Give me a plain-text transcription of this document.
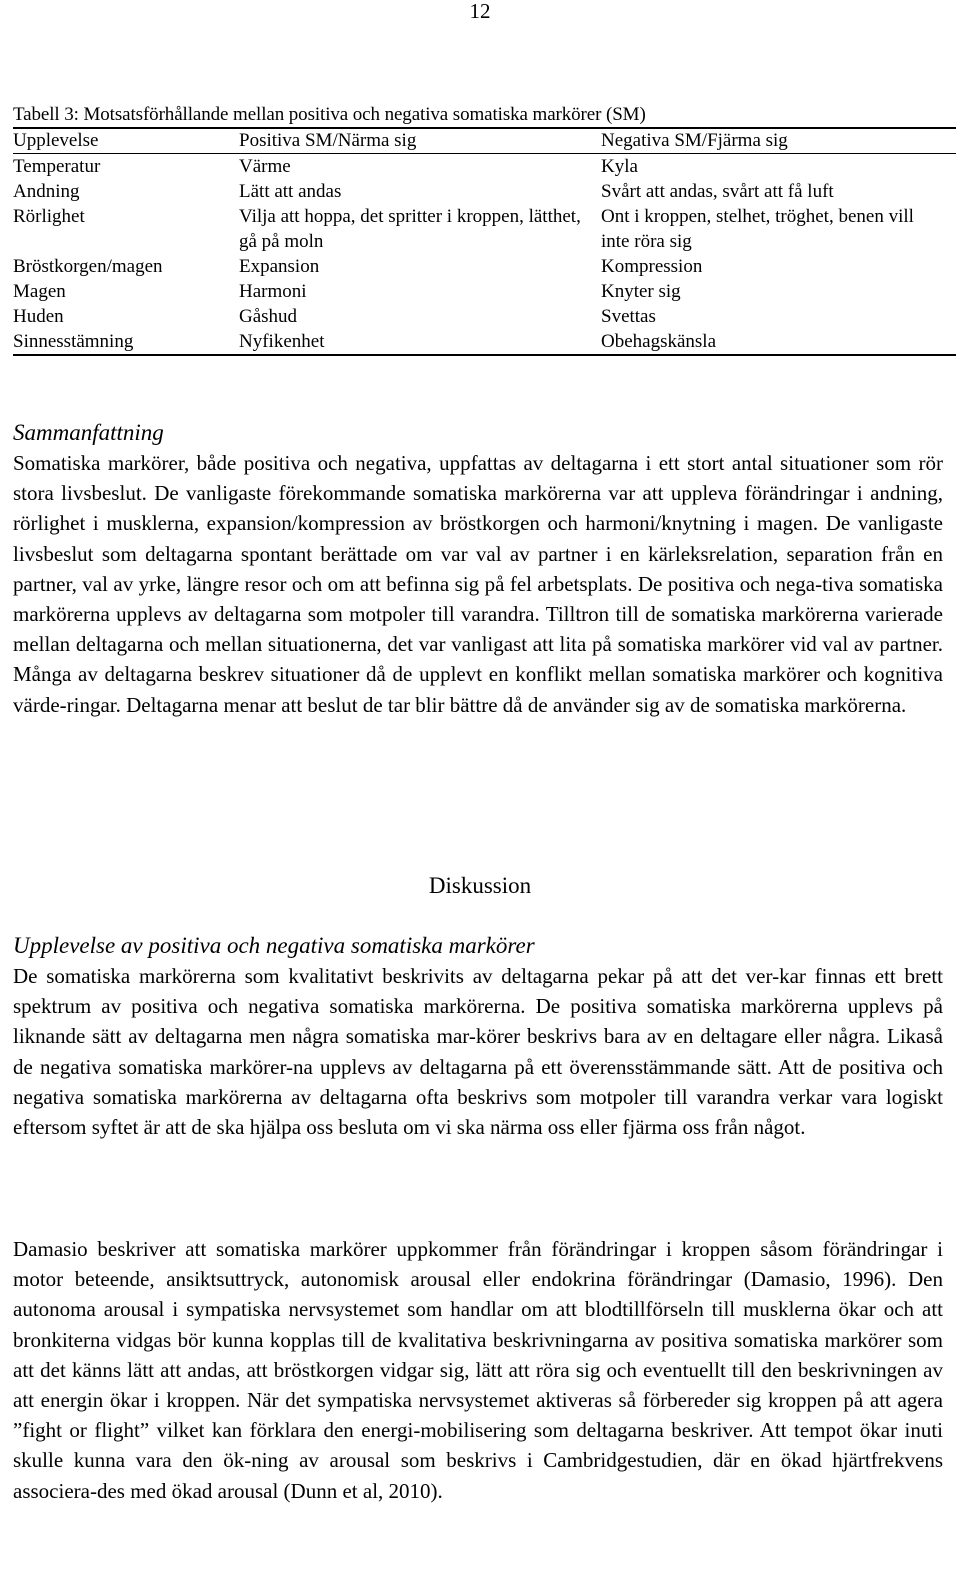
12

Tabell 3: Motsatsförhållande mellan positiva och negativa somatiska markörer (SM)

Upplevelse	Positiva SM/Närma sig	Negativa SM/Fjärma sig
Temperatur	Värme	Kyla
Andning	Lätt att andas	Svårt att andas, svårt att få luft
Rörlighet	Vilja att hoppa, det spritter i kroppen, lätthet, gå på moln	Ont i kroppen, stelhet, tröghet, benen vill inte röra sig
Bröstkorgen/magen	Expansion	Kompression
Magen	Harmoni	Knyter sig
Huden	Gåshud	Svettas
Sinnesstämning	Nyfikenhet	Obehagskänsla

Sammanfattning

Somatiska markörer, både positiva och negativa, uppfattas av deltagarna i ett stort antal situationer som rör stora livsbeslut. De vanligaste förekommande somatiska markörerna var att uppleva förändringar i andning, rörlighet i musklerna, expansion/kompression av bröstkorgen och harmoni/knytning i magen. De vanligaste livsbeslut som deltagarna spontant berättade om var val av partner i en kärleksrelation, separation från en partner, val av yrke, längre resor och om att befinna sig på fel arbetsplats. De positiva och nega-tiva somatiska markörerna upplevs av deltagarna som motpoler till varandra. Tilltron till de somatiska markörerna varierade mellan deltagarna och mellan situationerna, det var vanligast att lita på somatiska markörer vid val av partner. Många av deltagarna beskrev situationer då de upplevt en konflikt mellan somatiska markörer och kognitiva värde-ringar. Deltagarna menar att beslut de tar blir bättre då de använder sig av de somatiska markörerna.

Diskussion

Upplevelse av positiva och negativa somatiska markörer

De somatiska markörerna som kvalitativt beskrivits av deltagarna pekar på att det ver-kar finnas ett brett spektrum av positiva och negativa somatiska markörerna. De positiva somatiska markörerna upplevs på liknande sätt av deltagarna men några somatiska mar-körer beskrivs bara av en deltagare eller några. Likaså de negativa somatiska markörer-na upplevs av deltagarna på ett överensstämmande sätt. Att de positiva och negativa somatiska markörerna av deltagarna ofta beskrivs som motpoler till varandra verkar vara logiskt eftersom syftet är att de ska hjälpa oss besluta om vi ska närma oss eller fjärma oss från något.

Damasio beskriver att somatiska markörer uppkommer från förändringar i kroppen såsom förändringar i motor beteende, ansiktsuttryck, autonomisk arousal eller endokrina förändringar (Damasio, 1996). Den autonoma arousal i sympatiska nervsystemet som handlar om att blodtillförseln till musklerna ökar och att bronkiterna vidgas bör kunna kopplas till de kvalitativa beskrivningarna av positiva somatiska markörer som att det känns lätt att andas, att bröstkorgen vidgar sig, lätt att röra sig och eventuellt till den beskrivningen av att energin ökar i kroppen. När det sympatiska nervsystemet aktiveras så förbereder sig kroppen på att agera ”fight or flight” vilket kan förklara den energi-mobilisering som deltagarna beskriver. Att tempot ökar inuti skulle kunna vara den ök-ning av arousal som beskrivs i Cambridgestudien, där en ökad hjärtfrekvens associera-des med ökad arousal (Dunn et al, 2010).
